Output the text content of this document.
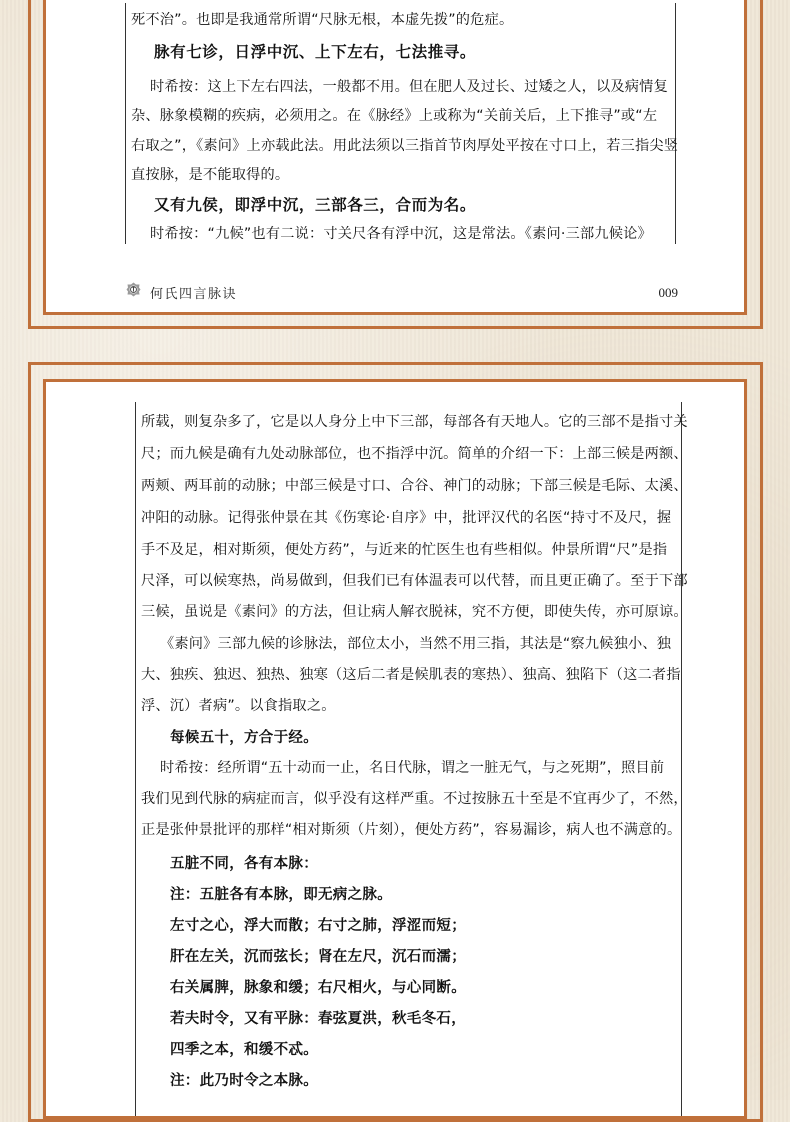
死不治”。也即是我通常所谓“尺脉无根，本虚先拨”的危症。
脉有七诊，日浮中沉、上下左右，七法推寻。
时希按：这上下左右四法，一般都不用。但在肥人及过长、过矮之人，以及病情复
杂、脉象模糊的疾病，必须用之。在《脉经》上或称为“关前关后，上下推寻”或“左
右取之”，《素问》上亦载此法。用此法须以三指首节肉厚处平按在寸口上，若三指尖竖
直按脉，是不能取得的。
又有九侯，即浮中沉，三部各三，合而为名。
时希按：“九候”也有二说：寸关尺各有浮中沉，这是常法。《素问·三部九候论》
何氏四言脉诀	009
所载，则复杂多了，它是以人身分上中下三部，每部各有天地人。它的三部不是指寸关
尺；而九候是确有九处动脉部位，也不指浮中沉。简单的介绍一下：上部三候是两额、
两颊、两耳前的动脉；中部三候是寸口、合谷、神门的动脉；下部三候是毛际、太溪、
冲阳的动脉。记得张仲景在其《伤寒论·自序》中，批评汉代的名医“持寸不及尺，握
手不及足，相对斯须，便处方药”，与近来的忙医生也有些相似。仲景所谓“尺”是指
尺泽，可以候寒热，尚易做到，但我们已有体温表可以代替，而且更正确了。至于下部
三候，虽说是《素问》的方法，但让病人解衣脱袜，究不方便，即使失传，亦可原谅。
《素问》三部九候的诊脉法，部位太小，当然不用三指，其法是“察九候独小、独
大、独疾、独迟、独热、独寒（这后二者是候肌表的寒热）、独高、独陷下（这二者指
浮、沉）者病”。以食指取之。
每候五十，方合于经。
时希按：经所谓“五十动而一止，名日代脉，谓之一脏无气，与之死期”，照目前
我们见到代脉的病症而言，似乎没有这样严重。不过按脉五十至是不宜再少了，不然，
正是张仲景批评的那样“相对斯须（片刻），便处方药”，容易漏诊，病人也不满意的。
五脏不同，各有本脉：
注：五脏各有本脉，即无病之脉。
左寸之心，浮大而散；右寸之肺，浮涩而短；
肝在左关，沉而弦长；肾在左尺，沉石而濡；
右关属脾，脉象和缓；右尺相火，与心同断。
若夫时令，又有平脉：春弦夏洪，秋毛冬石，
四季之本，和缓不忒。
注：此乃时令之本脉。
